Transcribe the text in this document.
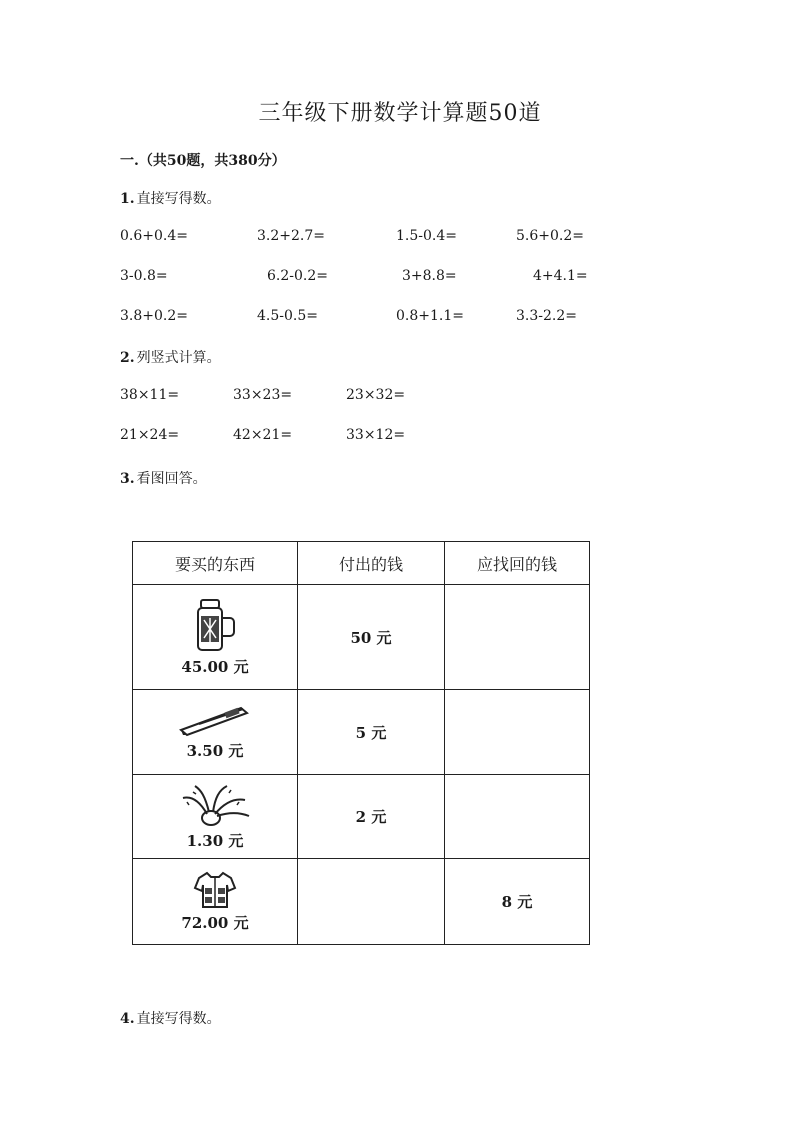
三年级下册数学计算题50道
一.（共50题，共380分）
1. 直接写得数。
0.6+0.4=	3.2+2.7=	1.5-0.4=	5.6+0.2=
3-0.8=	6.2-0.2=	3+8.8=	4+4.1=
3.8+0.2=	4.5-0.5=	0.8+1.1=	3.3-2.2=
2. 列竖式计算。
38×11=	33×23=	23×32=
21×24=	42×21=	33×12=
3. 看图回答。
要买的东西	付出的钱	应找回的钱

45.00 元	50 元	

3.50 元	5 元	

1.30 元	2 元	

72.00 元		8 元
4. 直接写得数。
